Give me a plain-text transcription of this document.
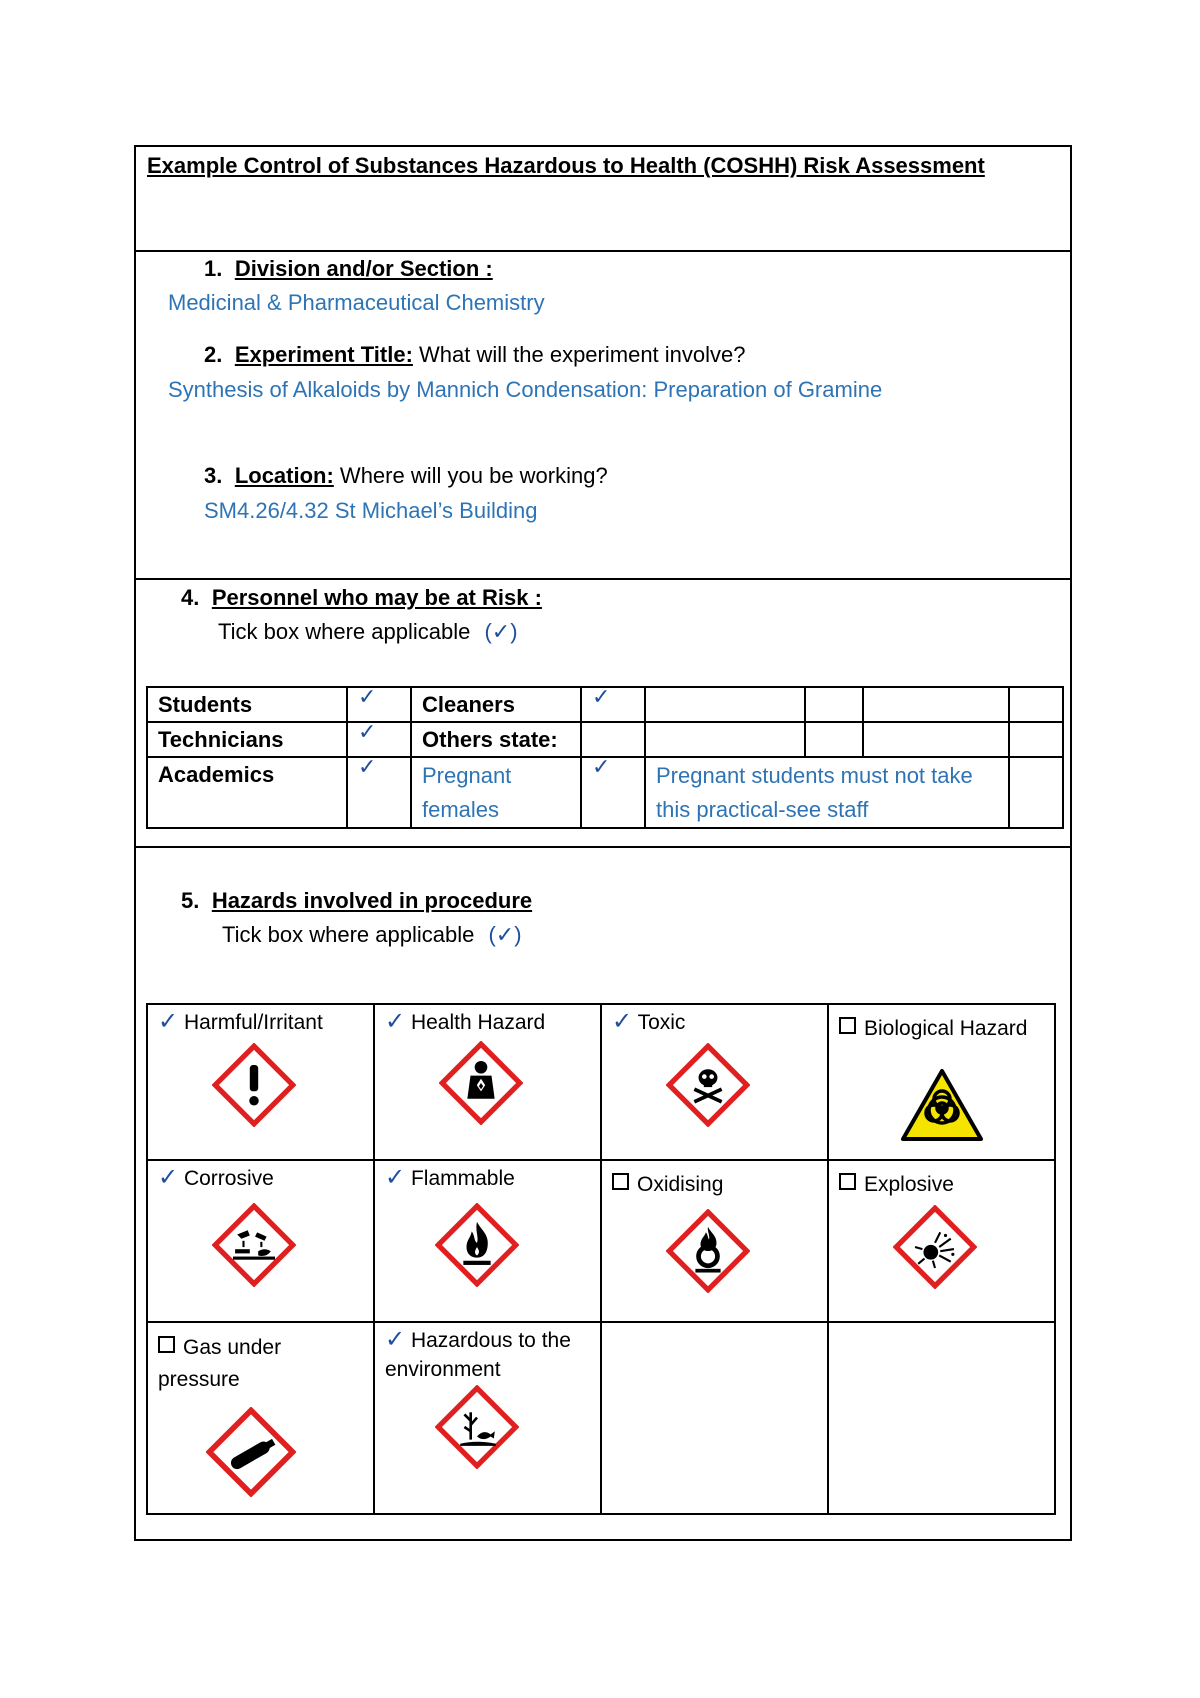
Example Control of Substances Hazardous to Health (COSHH) Risk Assessment
1. Division and/or Section :
Medicinal & Pharmaceutical Chemistry
2. Experiment Title: What will the experiment involve?
Synthesis of Alkaloids by Mannich Condensation: Preparation of Gramine
3. Location: Where will you be working?
SM4.26/4.32 St Michael’s Building
4. Personnel who may be at Risk :
Tick box where applicable (✓)
Students	✓	Cleaners	✓				
Technicians	✓	Others state:					
Academics	✓	Pregnant females	✓	Pregnant students must not take this practical-see staff			
5. Hazards involved in procedure
Tick box where applicable (✓)
✓ Harmful/Irritant	✓ Health Hazard	✓ Toxic	Biological Hazard

✓ Corrosive	✓ Flammable	Oxidising	Explosive

Gas under pressure	✓ Hazardous to the environment		
